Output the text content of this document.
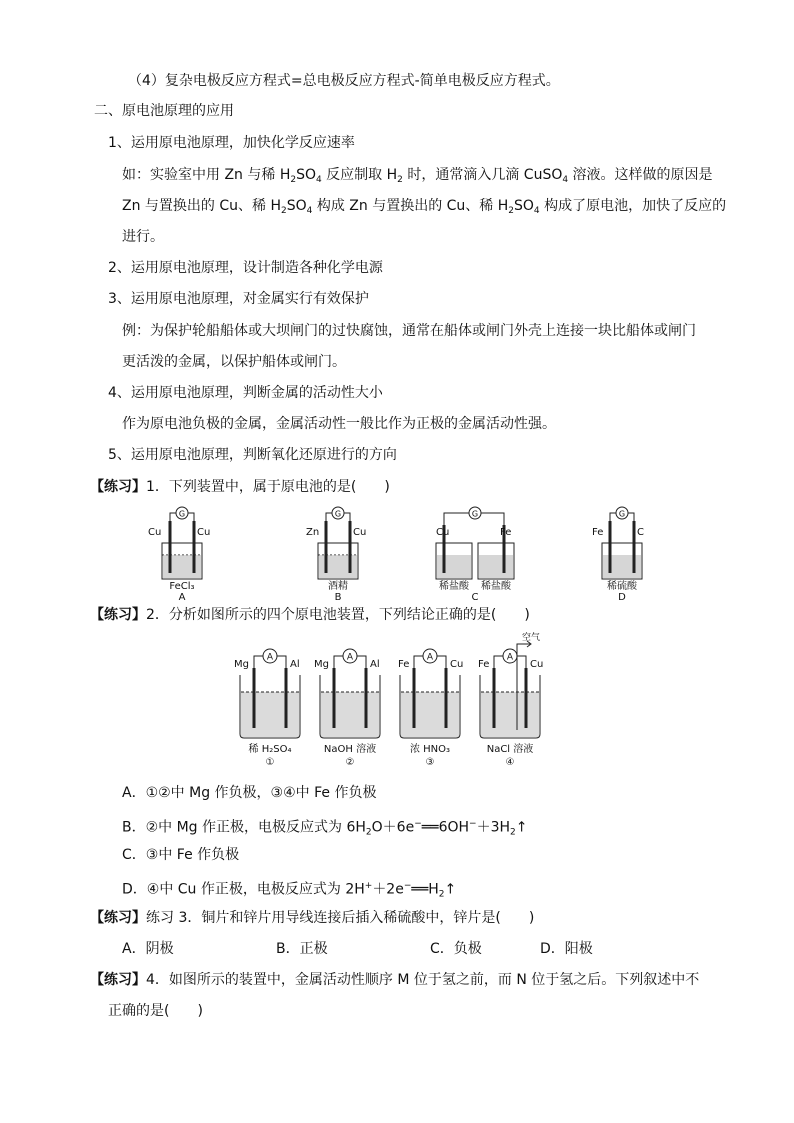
（4）复杂电极反应方程式=总电极反应方程式-简单电极反应方程式。
二、原电池原理的应用
1、运用原电池原理，加快化学反应速率
如：实验室中用 Zn 与稀 $H_2SO_4$ 反应制取 $H_2$ 时，通常滴入几滴 CuSO$_4$ 溶液。这样做的原因是
Zn 与置换出的 Cu、稀 $H_2SO_4$ 构成 Zn 与置换出的 Cu、稀 $H_2SO_4$ 构成了原电池，加快了反应的
进行。
2、运用原电池原理，设计制造各种化学电源
3、运用原电池原理，对金属实行有效保护
例：为保护轮船船体或大坝闸门的过快腐蚀，通常在船体或闸门外壳上连接一块比船体或闸门
更活泼的金属，以保护船体或闸门。
4、运用原电池原理，判断金属的活动性大小
作为原电池负极的金属，金属活动性一般比作为正极的金属活动性强。
5、运用原电池原理，判断氧化还原进行的方向
【练习】1．下列装置中，属于原电池的是(　　)
G	G	G	G
Cu	Cu
FeCl₃
A
Zn	Cu
酒精
B
Cu	Fe
稀盐酸 稀盐酸
C
Fe	C
稀硫酸
D
【练习】2．分析如图所示的四个原电池装置，下列结论正确的是(　　)
A	A	A	A
空气
Mg	Al
稀 H₂SO₄
①
Mg	Al
NaOH 溶液
②
Fe	Cu
浓 HNO₃
③
Fe	Cu
NaCl 溶液
④
A．①②中 Mg 作负极，③④中 Fe 作负极
B．②中 Mg 作正极，电极反应式为 $6H_2O+6e^-══6OH^-+3H_2↑$
C．③中 Fe 作负极
D．④中 Cu 作正极，电极反应式为 $2H^++2e^-══H_2↑$
【练习】练习 3．铜片和锌片用导线连接后插入稀硫酸中，锌片是(　　)
A．阴极	B．正极	C．负极	D．阳极
【练习】4．如图所示的装置中，金属活动性顺序 M 位于氢之前，而 N 位于氢之后。下列叙述中不
正确的是(　　)
